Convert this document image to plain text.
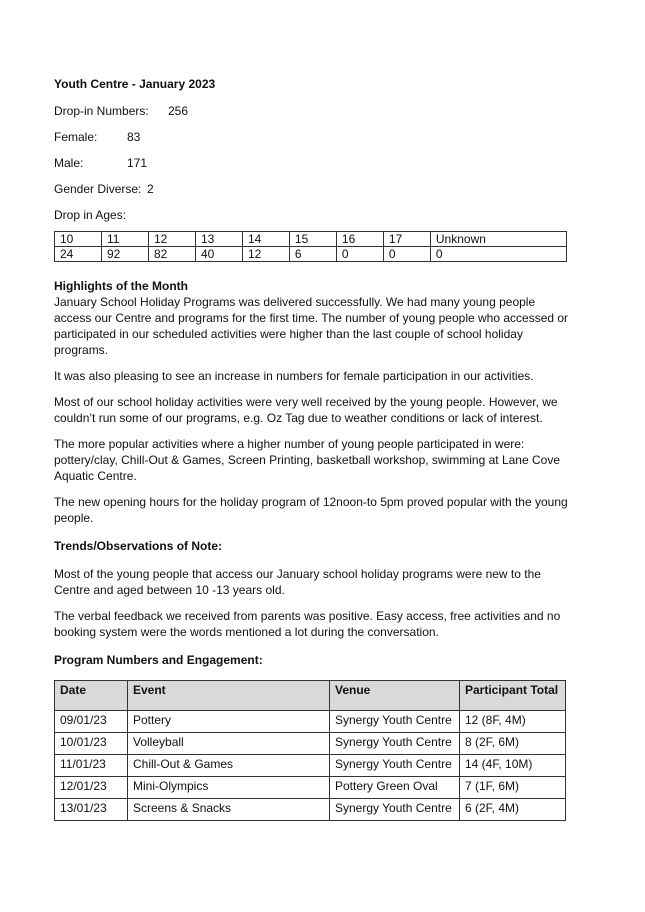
Youth Centre - January 2023

Drop-in Numbers: 256
Female: 83
Male:	171
Gender Diverse: 2
Drop in Ages:
10	11	12	13	14	15	16	17	Unknown
24	92	82	40	12	6	0	0	0
Highlights of the Month

January School Holiday Programs was delivered successfully. We had many young people access our Centre and programs for the first time. The number of young people who accessed or participated in our scheduled activities were higher than the last couple of school holiday programs.

It was also pleasing to see an increase in numbers for female participation in our activities.

Most of our school holiday activities were very well received by the young people. However, we couldn’t run some of our programs, e.g. Oz Tag due to weather conditions or lack of interest.

The more popular activities where a higher number of young people participated in were: pottery/clay, Chill-Out & Games, Screen Printing, basketball workshop, swimming at Lane Cove Aquatic Centre.

The new opening hours for the holiday program of 12noon-to 5pm proved popular with the young people.

Trends/Observations of Note:

Most of the young people that access our January school holiday programs were new to the Centre and aged between 10 -13 years old.

The verbal feedback we received from parents was positive. Easy access, free activities and no booking system were the words mentioned a lot during the conversation.

Program Numbers and Engagement:
Date	Event	Venue	Participant Total
09/01/23	Pottery	Synergy Youth Centre	12 (8F, 4M)
10/01/23	Volleyball	Synergy Youth Centre	8 (2F, 6M)
11/01/23	Chill-Out & Games	Synergy Youth Centre	14 (4F, 10M)
12/01/23	Mini-Olympics	Pottery Green Oval	7 (1F, 6M)
13/01/23	Screens & Snacks	Synergy Youth Centre	6 (2F, 4M)
